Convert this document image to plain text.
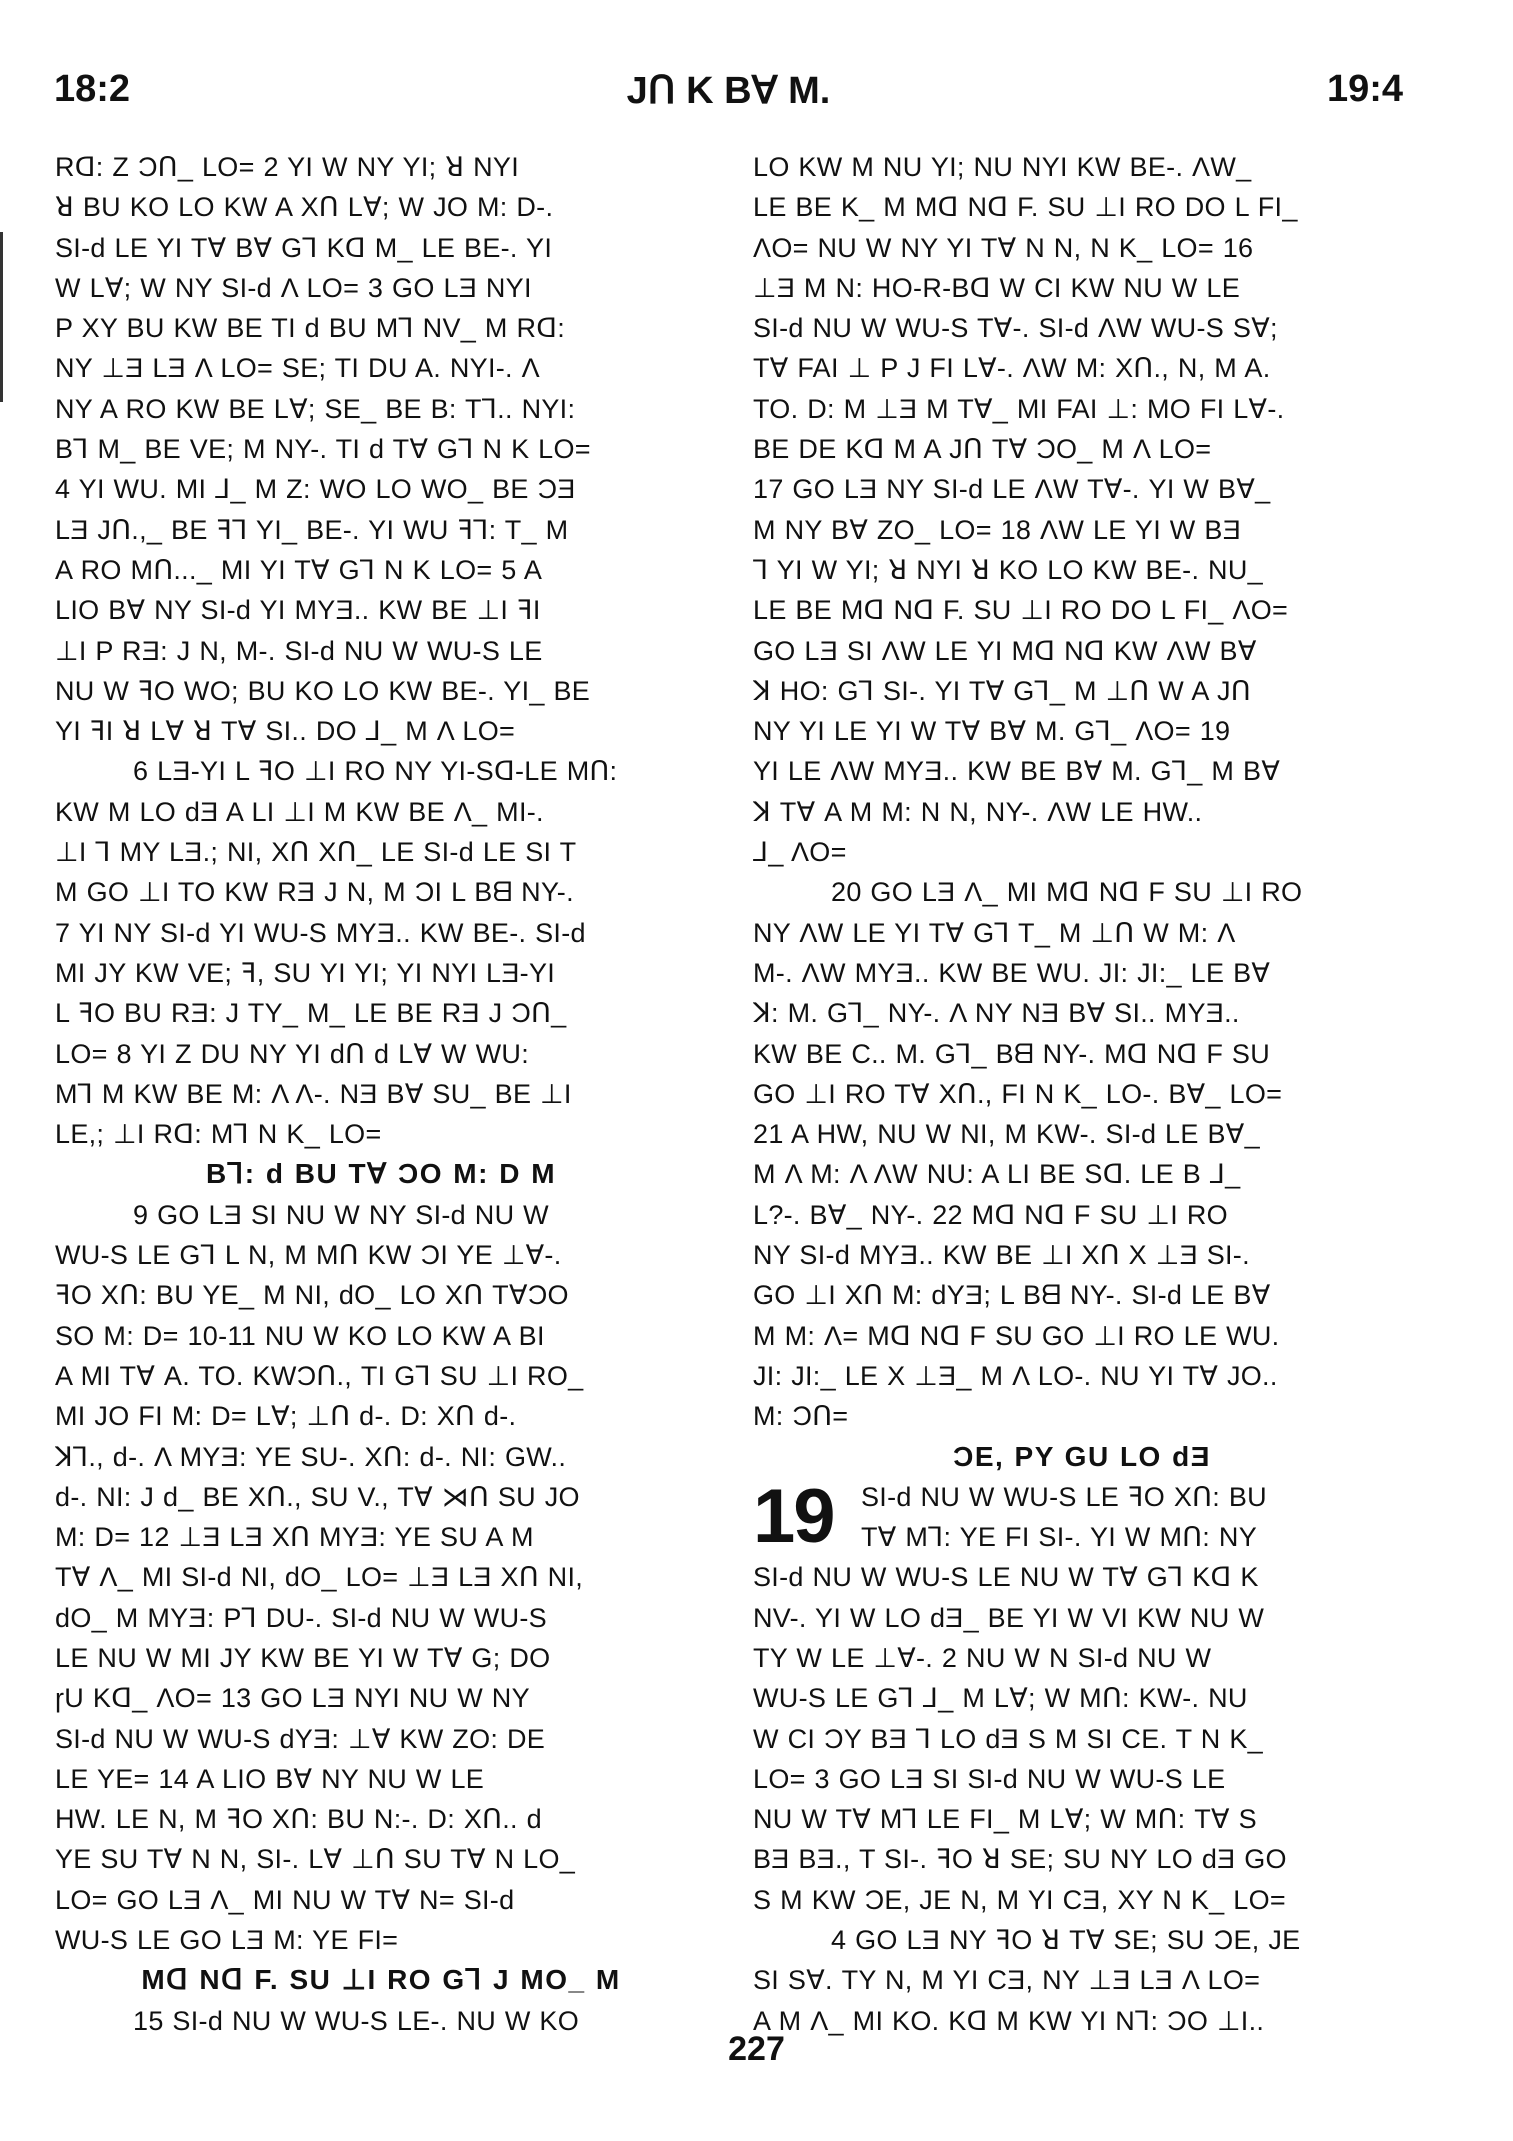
18:2	JՈ K Bꓯ M.	19:4
Rᗡ: Z ƆՈ_ LO= 2 YI W NY YI; ꓤ NYI
ꓤ BU KO LO KW A XՈ Lꓯ; W JO M: D-.
SI-d LE YI Tꓯ Bꓯ G⅂ Kᗡ M_ LE BE-. YI
W Lꓯ; W NY SI-d Λ LO= 3 GO LƎ NYI
P XY BU KW BE TI d BU M⅂ NV_ M Rᗡ:
NY ⊥Ǝ LƎ Λ LO= SE; TI DU A. NYI-. Λ
NY A RO KW BE Lꓯ; SE_ BE B: T⅂.. NYI:
B⅂ M_ BE VE; M NY-. TI d Tꓯ G⅂ N K LO=
4 YI WU. MI ⅃_ M Z: WO LO WO_ BE ƆƎ
LƎ JՈ.,_ BE ꟻ⅂ YI_ BE-. YI WU ꟻ⅂: T_ M
A RO MՈ..._ MI YI Tꓯ G⅂ N K LO= 5 A
LIO Bꓯ NY SI-d YI MYƎ.. KW BE ⊥I ꟻI
⊥I P RƎ: J N, M-. SI-d NU W WU-S LE
NU W ꟻO WO; BU KO LO KW BE-. YI_ BE
YI ꟻI ꓤ Lꓯ ꓤ Tꓯ SI.. DO ⅃_ M Λ LO=
6 LƎ-YI L ꟻO ⊥I RO NY YI-Sᗡ-LE MՈ:
KW M LO dƎ A LI ⊥I M KW BE Λ_ MI-.
⊥I ⅂ MY LƎ.; NI, XՈ XՈ_ LE SI-d LE SI T
M GO ⊥I TO KW RƎ J N, M ƆI L Bᗺ NY-.
7 YI NY SI-d YI WU-S MYƎ.. KW BE-. SI-d
MI JY KW VE; ꟻ, SU YI YI; YI NYI LƎ-YI
L ꟻO BU RƎ: J TY_ M_ LE BE RƎ J ƆՈ_
LO= 8 YI Z DU NY YI dՈ d Lꓯ W WU:
M⅂ M KW BE M: Λ Λ-. NƎ Bꓯ SU_ BE ⊥I
LE,; ⊥I Rᗡ: M⅂ N K_ LO=
B⅂: d BU Tꓯ ƆO M: D M
9 GO LƎ SI NU W NY SI-d NU W
WU-S LE G⅂ L N, M MՈ KW ƆI YE ⊥ꓯ-.
ꟻO XՈ: BU YE_ M NI, dO_ LO XՈ TꓯƆO
SO M: D= 10-11 NU W KO LO KW A BI
A MI Tꓯ A. TO. KWƆՈ., TI G⅂ SU ⊥I RO_
MI JO FI M: D= Lꓯ; ⊥Ո d-. D: XՈ d-.
ꓘ⅂., d-. Λ MYƎ: YE SU-. XՈ: d-. NI: GW..
d-. NI: J d_ BE XՈ., SU V., Tꓯ ⋊Ո SU JO
M: D= 12 ⊥Ǝ LƎ XՈ MYƎ: YE SU A M
Tꓯ Λ_ MI SI-d NI, dO_ LO= ⊥Ǝ LƎ XՈ NI,
dO_ M MYƎ: P⅂ DU-. SI-d NU W WU-S
LE NU W MI JY KW BE YI W Tꓯ G; DO
ɼU Kᗡ_ ΛO= 13 GO LƎ NYI NU W NY
SI-d NU W WU-S dYƎ: ⊥ꓯ KW ZO: DE
LE YE= 14 A LIO Bꓯ NY NU W LE
HW. LE N, M ꟻO XՈ: BU N:-. D: XՈ.. d
YE SU Tꓯ N N, SI-. Lꓯ ⊥Ո SU Tꓯ N LO_
LO= GO LƎ Λ_ MI NU W Tꓯ N= SI-d
WU-S LE GO LƎ M: YE FI=
Mᗡ Nᗡ F. SU ⊥I RO G⅂ J MO_ M
15 SI-d NU W WU-S LE-. NU W KO
LO KW M NU YI; NU NYI KW BE-. ΛW_
LE BE K_ M Mᗡ Nᗡ F. SU ⊥I RO DO L FI_
ΛO= NU W NY YI Tꓯ N N, N K_ LO= 16
⊥Ǝ M N: HO-R-Bᗡ W CI KW NU W LE
SI-d NU W WU-S Tꓯ-. SI-d ΛW WU-S Sꓯ;
Tꓯ FAI ⊥ P J FI Lꓯ-. ΛW M: XՈ., N, M A.
TO. D: M ⊥Ǝ M Tꓯ_ MI FAI ⊥: MO FI Lꓯ-.
BE DE Kᗡ M A JՈ Tꓯ ƆO_ M Λ LO=
17 GO LƎ NY SI-d LE ΛW Tꓯ-. YI W Bꓯ_
M NY Bꓯ ZO_ LO= 18 ΛW LE YI W BƎ
⅂ YI W YI; ꓤ NYI ꓤ KO LO KW BE-. NU_
LE BE Mᗡ Nᗡ F. SU ⊥I RO DO L FI_ ΛO=
GO LƎ SI ΛW LE YI Mᗡ Nᗡ KW ΛW Bꓯ
ꓘ HO: G⅂ SI-. YI Tꓯ G⅂_ M ⊥Ո W A JՈ
NY YI LE YI W Tꓯ Bꓯ M. G⅂_ ΛO= 19
YI LE ΛW MYƎ.. KW BE Bꓯ M. G⅂_ M Bꓯ
ꓘ Tꓯ A M M: N N, NY-. ΛW LE HW..
⅃_ ΛO=
20 GO LƎ Λ_ MI Mᗡ Nᗡ F SU ⊥I RO
NY ΛW LE YI Tꓯ G⅂ T_ M ⊥Ո W M: Λ
M-. ΛW MYƎ.. KW BE WU. JI: JI:_ LE Bꓯ
ꓘ: M. G⅂_ NY-. Λ NY NƎ Bꓯ SI.. MYƎ..
KW BE C.. M. G⅂_ Bᗺ NY-. Mᗡ Nᗡ F SU
GO ⊥I RO Tꓯ XՈ., FI N K_ LO-. Bꓯ_ LO=
21 A HW, NU W NI, M KW-. SI-d LE Bꓯ_
M Λ M: Λ ΛW NU: A LI BE Sᗡ. LE B ⅃_
L?-. Bꓯ_ NY-. 22 Mᗡ Nᗡ F SU ⊥I RO
NY SI-d MYƎ.. KW BE ⊥I XՈ X ⊥Ǝ SI-.
GO ⊥I XՈ M: dYƎ; L Bᗺ NY-. SI-d LE Bꓯ
M M: Λ= Mᗡ Nᗡ F SU GO ⊥I RO LE WU.
JI: JI:_ LE X ⊥Ǝ_ M Λ LO-. NU YI Tꓯ JO..
M: ƆՈ=
ƆE, PY GU LO dƎ
19	SI-d NU W WU-S LE ꟻO XՈ: BU
Tꓯ M⅂: YE FI SI-. YI W MՈ: NY
SI-d NU W WU-S LE NU W Tꓯ G⅂ Kᗡ K
NV-. YI W LO dƎ_ BE YI W VI KW NU W
TY W LE ⊥ꓯ-. 2 NU W N SI-d NU W
WU-S LE G⅂ ⅃_ M Lꓯ; W MՈ: KW-. NU
W CI ƆY BƎ ⅂ LO dƎ S M SI CE. T N K_
LO= 3 GO LƎ SI SI-d NU W WU-S LE
NU W Tꓯ M⅂ LE FI_ M Lꓯ; W MՈ: Tꓯ S
BƎ BƎ., T SI-. ꟻO ꓤ SE; SU NY LO dƎ GO
S M KW ƆE, JE N, M YI CƎ, XY N K_ LO=
4 GO LƎ NY ꟻO ꓤ Tꓯ SE; SU ƆE, JE
SI Sꓯ. TY N, M YI CƎ, NY ⊥Ǝ LƎ Λ LO=
A M Λ_ MI KO. Kᗡ M KW YI N⅂: ƆO ⊥I..
227
